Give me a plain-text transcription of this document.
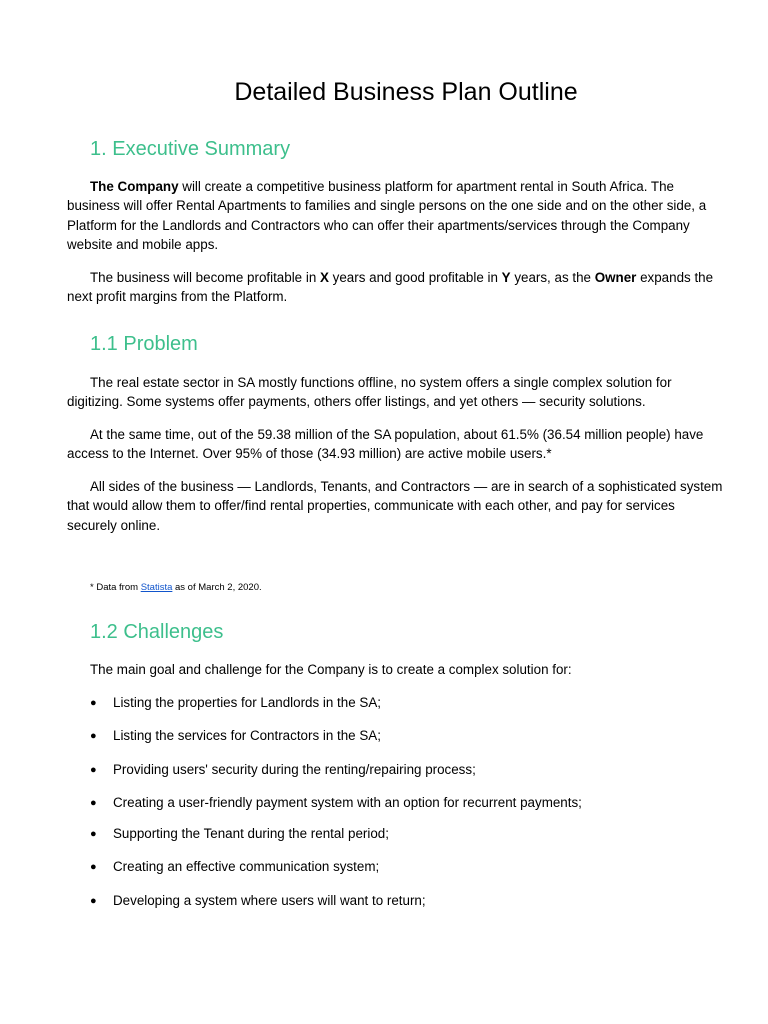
Detailed Business Plan Outline
1. Executive Summary

The Company will create a competitive business platform for apartment rental in South Africa. The business will offer Rental Apartments to families and single persons on the one side and on the other side, a Platform for the Landlords and Contractors who can offer their apartments/services through the Company website and mobile apps.

The business will become profitable in X years and good profitable in Y years, as the Owner expands the next profit margins from the Platform.

1.1 Problem

The real estate sector in SA mostly functions offline, no system offers a single complex solution for digitizing. Some systems offer payments, others offer listings, and yet others — security solutions.

At the same time, out of the 59.38 million of the SA population, about 61.5% (36.54 million people) have access to the Internet. Over 95% of those (34.93 million) are active mobile users.*

All sides of the business — Landlords, Tenants, and Contractors — are in search of a sophisticated system that would allow them to offer/find rental properties, communicate with each other, and pay for services securely online.

* Data from Statista as of March 2, 2020.

1.2 Challenges

The main goal and challenge for the Company is to create a complex solution for:

● Listing the properties for Landlords in the SA;
● Listing the services for Contractors in the SA;
● Providing users' security during the renting/repairing process;
● Creating a user-friendly payment system with an option for recurrent payments;
● Supporting the Tenant during the rental period;
● Creating an effective communication system;
● Developing a system where users will want to return;
